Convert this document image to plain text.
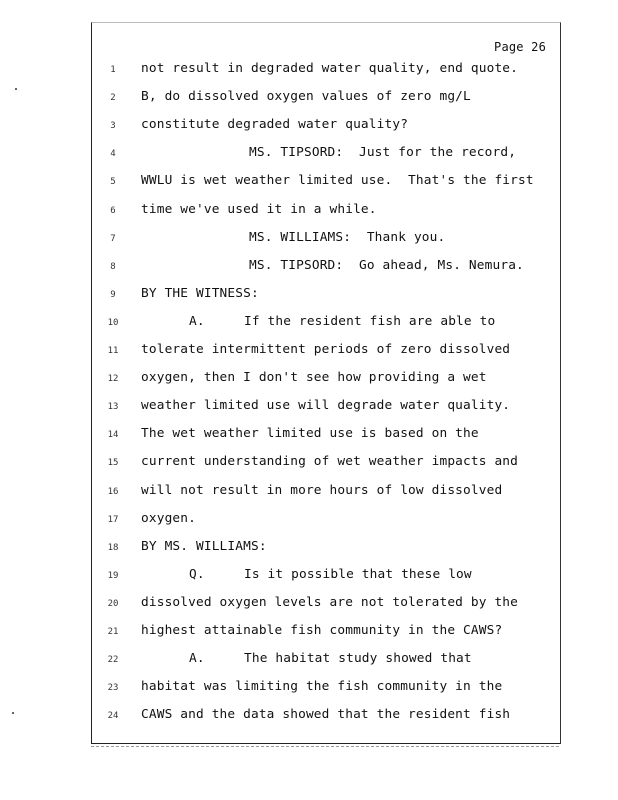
Page 26
1	not result in degraded water quality, end quote.
2	B, do dissolved oxygen values of zero mg/L
3	constitute degraded water quality?
4	MS. TIPSORD:  Just for the record,
5	WWLU is wet weather limited use.  That's the first
6	time we've used it in a while.
7	MS. WILLIAMS:  Thank you.
8	MS. TIPSORD:  Go ahead, Ms. Nemura.
9	BY THE WITNESS:
10	A.     If the resident fish are able to
11 tolerate intermittent periods of zero dissolved
12 oxygen, then I don't see how providing a wet
13 weather limited use will degrade water quality.
14 The wet weather limited use is based on the
15 current understanding of wet weather impacts and
16 will not result in more hours of low dissolved
17 oxygen.
18 BY MS. WILLIAMS:
19	Q.     Is it possible that these low
20 dissolved oxygen levels are not tolerated by the
21 highest attainable fish community in the CAWS?
22	A.     The habitat study showed that
23 habitat was limiting the fish community in the
24 CAWS and the data showed that the resident fish
